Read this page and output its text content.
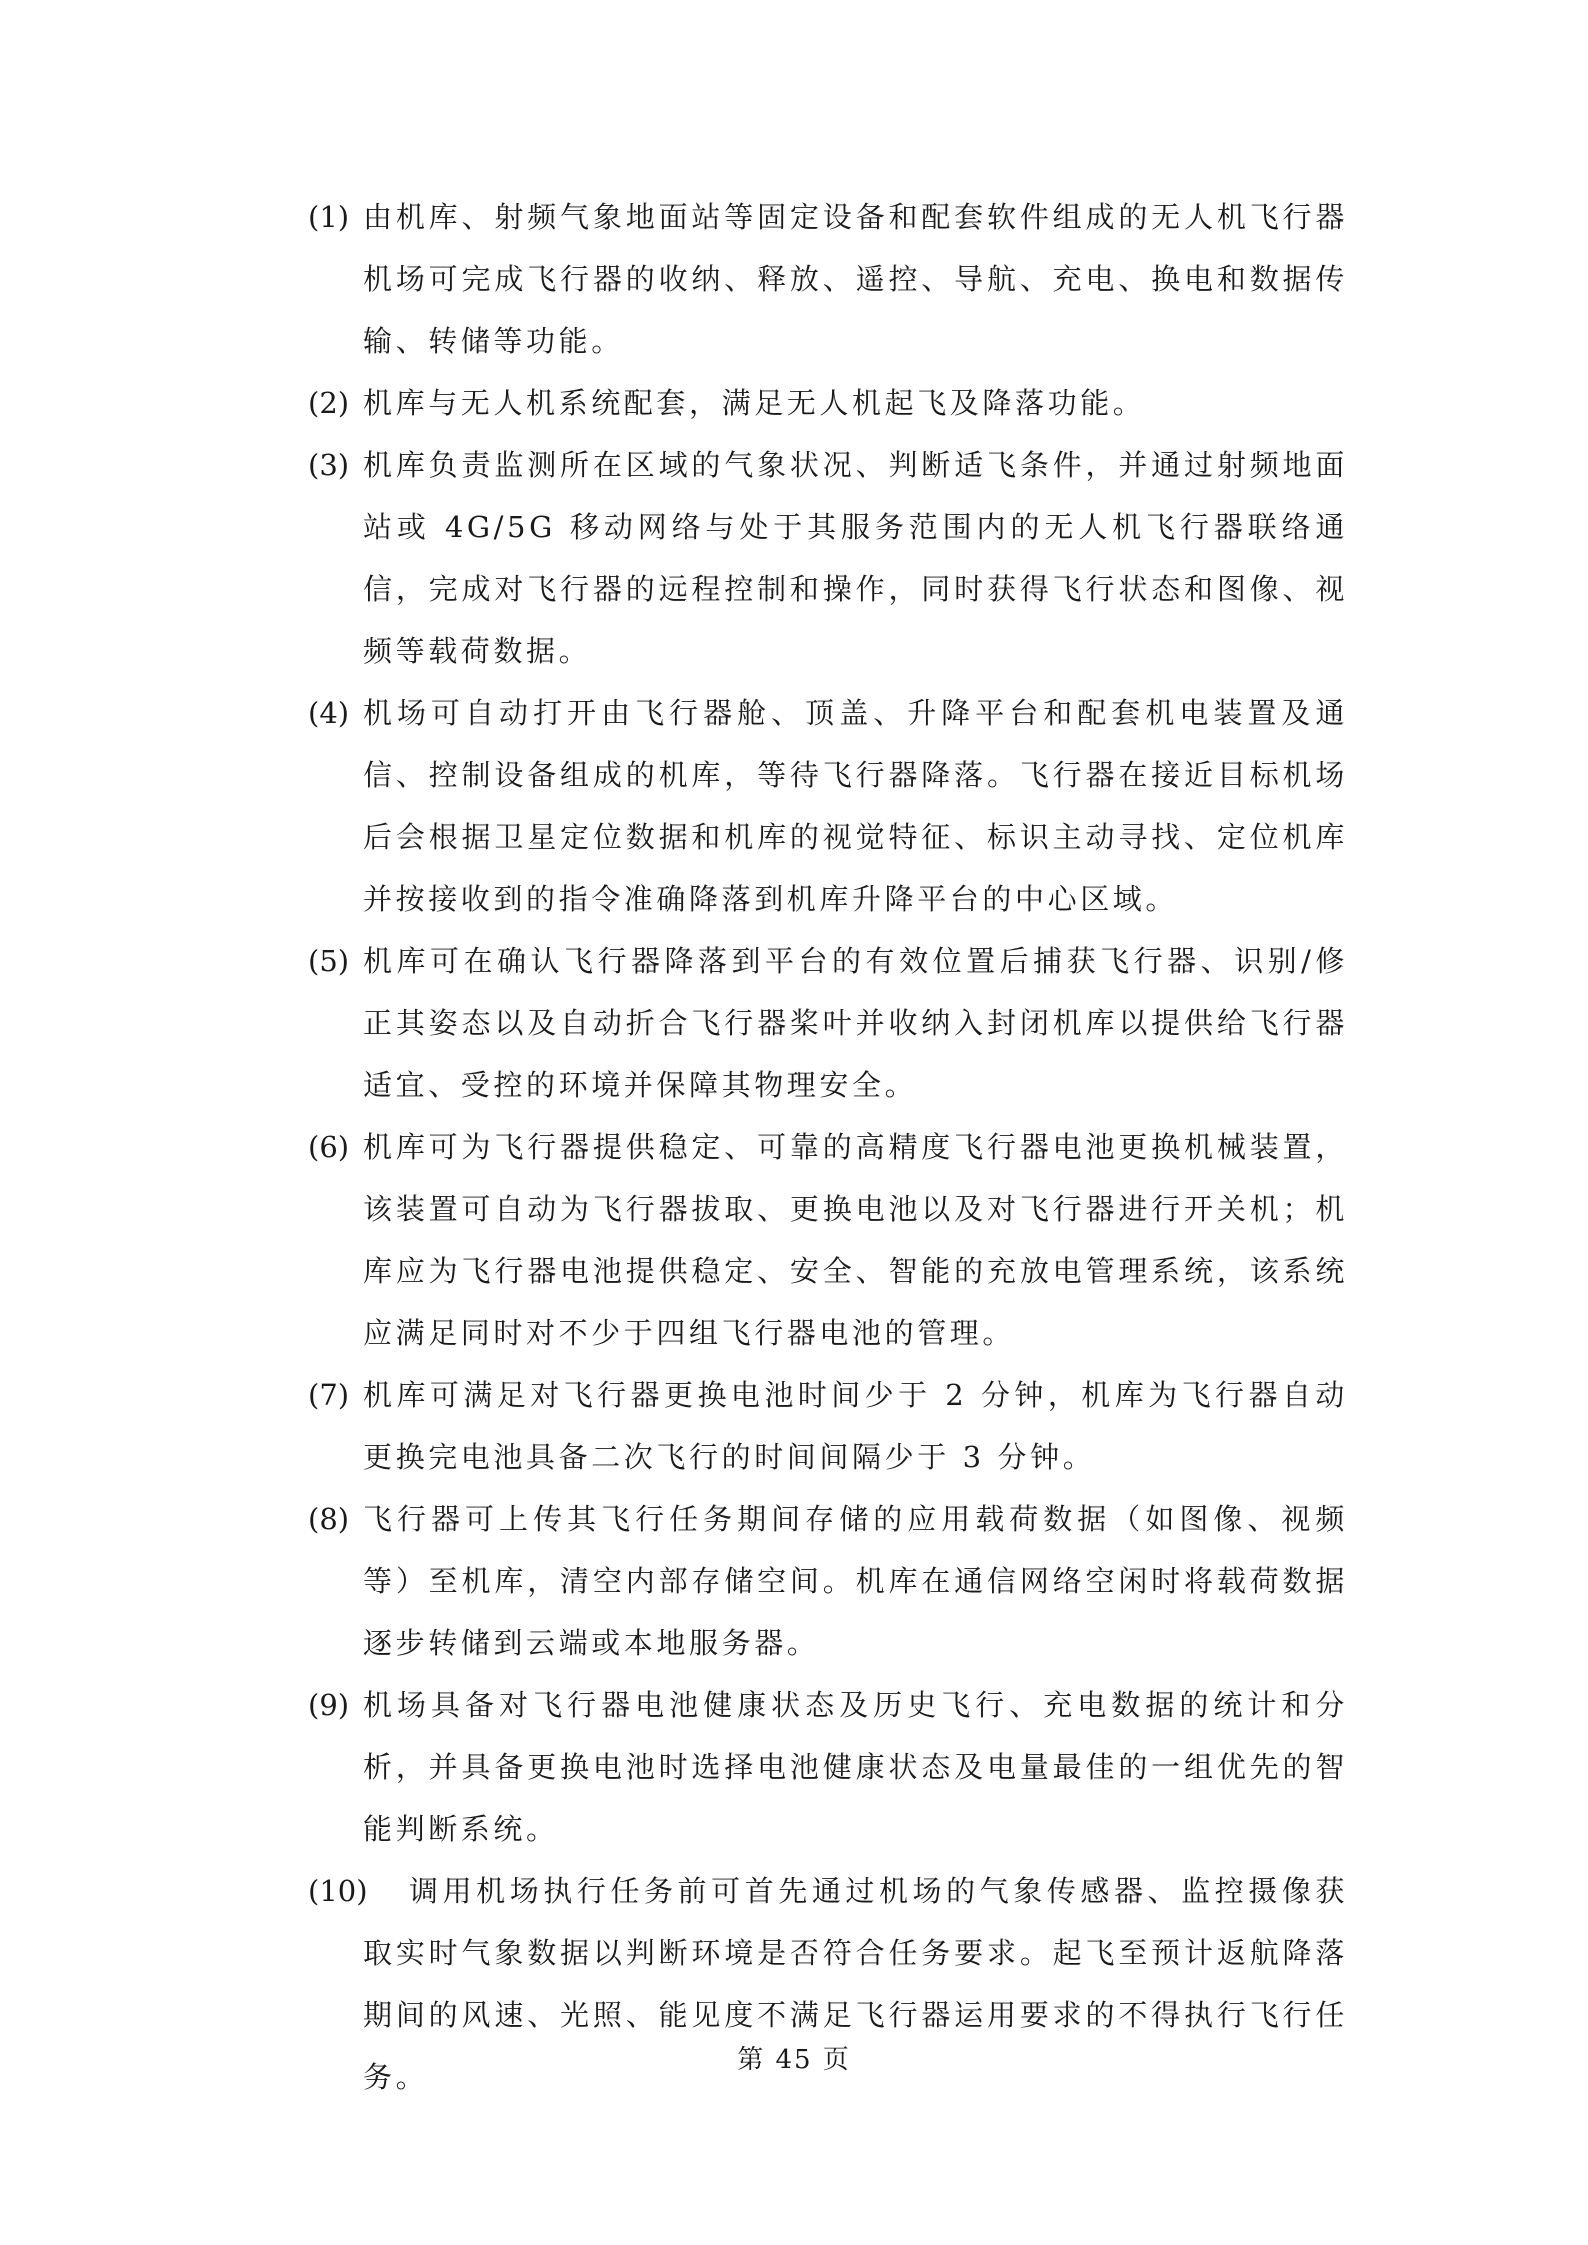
(1) 由机库、射频气象地面站等固定设备和配套软件组成的无人机飞行器机场可完成飞行器的收纳、释放、遥控、导航、充电、换电和数据传输、转储等功能。
(2) 机库与无人机系统配套，满足无人机起飞及降落功能。
(3) 机库负责监测所在区域的气象状况、判断适飞条件，并通过射频地面站或 4G/5G 移动网络与处于其服务范围内的无人机飞行器联络通信，完成对飞行器的远程控制和操作，同时获得飞行状态和图像、视频等载荷数据。
(4) 机场可自动打开由飞行器舱、顶盖、升降平台和配套机电装置及通信、控制设备组成的机库，等待飞行器降落。飞行器在接近目标机场后会根据卫星定位数据和机库的视觉特征、标识主动寻找、定位机库并按接收到的指令准确降落到机库升降平台的中心区域。
(5) 机库可在确认飞行器降落到平台的有效位置后捕获飞行器、识别/修正其姿态以及自动折合飞行器桨叶并收纳入封闭机库以提供给飞行器适宜、受控的环境并保障其物理安全。
(6) 机库可为飞行器提供稳定、可靠的高精度飞行器电池更换机械装置，该装置可自动为飞行器拔取、更换电池以及对飞行器进行开关机；机库应为飞行器电池提供稳定、安全、智能的充放电管理系统，该系统应满足同时对不少于四组飞行器电池的管理。
(7) 机库可满足对飞行器更换电池时间少于 2 分钟，机库为飞行器自动更换完电池具备二次飞行的时间间隔少于 3 分钟。
(8) 飞行器可上传其飞行任务期间存储的应用载荷数据（如图像、视频等）至机库，清空内部存储空间。机库在通信网络空闲时将载荷数据逐步转储到云端或本地服务器。
(9) 机场具备对飞行器电池健康状态及历史飞行、充电数据的统计和分析，并具备更换电池时选择电池健康状态及电量最佳的一组优先的智能判断系统。
(10)	调用机场执行任务前可首先通过机场的气象传感器、监控摄像获取实时气象数据以判断环境是否符合任务要求。起飞至预计返航降落期间的风速、光照、能见度不满足飞行器运用要求的不得执行飞行任务。	第 45 页
